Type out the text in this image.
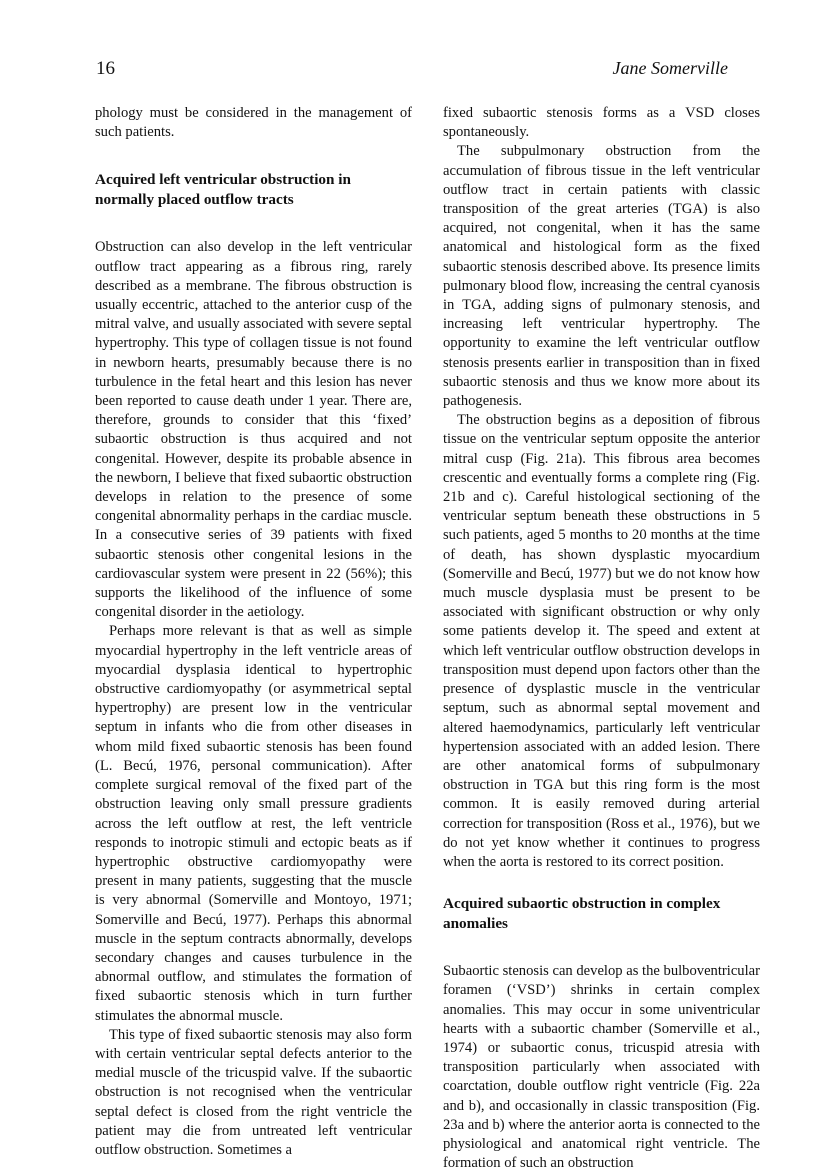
16	Jane Somerville

phology must be considered in the management of such patients.

Acquired left ventricular obstruction in normally placed outflow tracts

Obstruction can also develop in the left ventricular outflow tract appearing as a fibrous ring, rarely described as a membrane. The fibrous obstruction is usually eccentric, attached to the anterior cusp of the mitral valve, and usually associated with severe septal hypertrophy. This type of collagen tissue is not found in newborn hearts, presumably because there is no turbulence in the fetal heart and this lesion has never been reported to cause death under 1 year. There are, therefore, grounds to consider that this ‘fixed’ subaortic obstruction is thus acquired and not congenital. However, despite its probable absence in the newborn, I believe that fixed subaortic obstruction develops in relation to the presence of some congenital abnormality perhaps in the cardiac muscle. In a consecutive series of 39 patients with fixed subaortic stenosis other congenital lesions in the cardiovascular system were present in 22 (56%); this supports the likelihood of the influence of some congenital disorder in the aetiology.

Perhaps more relevant is that as well as simple myocardial hypertrophy in the left ventricle areas of myocardial dysplasia identical to hypertrophic obstructive cardiomyopathy (or asymmetrical septal hypertrophy) are present low in the ventricular septum in infants who die from other diseases in whom mild fixed subaortic stenosis has been found (L. Becú, 1976, personal communication). After complete surgical removal of the fixed part of the obstruction leaving only small pressure gradients across the left outflow at rest, the left ventricle responds to inotropic stimuli and ectopic beats as if hypertrophic obstructive cardiomyopathy were present in many patients, suggesting that the muscle is very abnormal (Somerville and Montoyo, 1971; Somerville and Becú, 1977). Perhaps this abnormal muscle in the septum contracts abnormally, develops secondary changes and causes turbulence in the abnormal outflow, and stimulates the formation of fixed subaortic stenosis which in turn further stimulates the abnormal muscle.

This type of fixed subaortic stenosis may also form with certain ventricular septal defects anterior to the medial muscle of the tricuspid valve. If the subaortic obstruction is not recognised when the ventricular septal defect is closed from the right ventricle the patient may die from untreated left ventricular outflow obstruction. Sometimes a

fixed subaortic stenosis forms as a VSD closes spontaneously.

The subpulmonary obstruction from the accumulation of fibrous tissue in the left ventricular outflow tract in certain patients with classic transposition of the great arteries (TGA) is also acquired, not congenital, when it has the same anatomical and histological form as the fixed subaortic stenosis described above. Its presence limits pulmonary blood flow, increasing the central cyanosis in TGA, adding signs of pulmonary stenosis, and increasing left ventricular hypertrophy. The opportunity to examine the left ventricular outflow stenosis presents earlier in transposition than in fixed subaortic stenosis and thus we know more about its pathogenesis.

The obstruction begins as a deposition of fibrous tissue on the ventricular septum opposite the anterior mitral cusp (Fig. 21a). This fibrous area becomes crescentic and eventually forms a complete ring (Fig. 21b and c). Careful histological sectioning of the ventricular septum beneath these obstructions in 5 such patients, aged 5 months to 20 months at the time of death, has shown dysplastic myocardium (Somerville and Becú, 1977) but we do not know how much muscle dysplasia must be present to be associated with significant obstruction or why only some patients develop it. The speed and extent at which left ventricular outflow obstruction develops in transposition must depend upon factors other than the presence of dysplastic muscle in the ventricular septum, such as abnormal septal movement and altered haemodynamics, particularly left ventricular hypertension associated with an added lesion. There are other anatomical forms of subpulmonary obstruction in TGA but this ring form is the most common. It is easily removed during arterial correction for transposition (Ross et al., 1976), but we do not yet know whether it continues to progress when the aorta is restored to its correct position.

Acquired subaortic obstruction in complex anomalies

Subaortic stenosis can develop as the bulboventricular foramen (‘VSD’) shrinks in certain complex anomalies. This may occur in some univentricular hearts with a subaortic chamber (Somerville et al., 1974) or subaortic conus, tricuspid atresia with transposition particularly when associated with coarctation, double outflow right ventricle (Fig. 22a and b), and occasionally in classic transposition (Fig. 23a and b) where the anterior aorta is connected to the physiological and anatomical right ventricle. The formation of such an obstruction
